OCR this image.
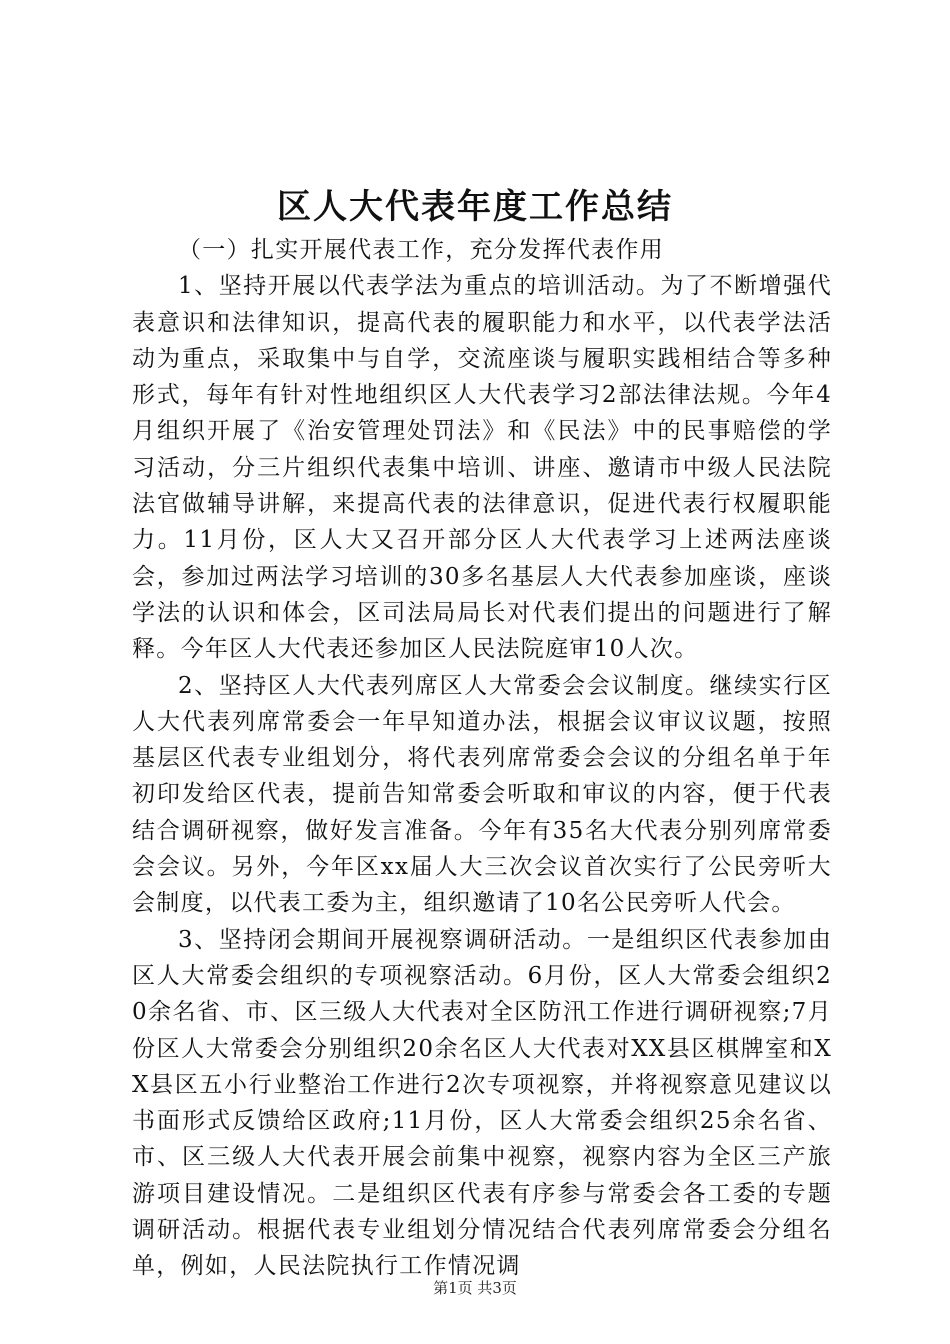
区人大代表年度工作总结

（一）扎实开展代表工作，充分发挥代表作用

1、坚持开展以代表学法为重点的培训活动。为了不断增强代表意识和法律知识，提高代表的履职能力和水平，以代表学法活动为重点，采取集中与自学，交流座谈与履职实践相结合等多种形式，每年有针对性地组织区人大代表学习2部法律法规。今年4月组织开展了《治安管理处罚法》和《民法》中的民事赔偿的学习活动，分三片组织代表集中培训、讲座、邀请市中级人民法院法官做辅导讲解，来提高代表的法律意识，促进代表行权履职能力。11月份，区人大又召开部分区人大代表学习上述两法座谈会，参加过两法学习培训的30多名基层人大代表参加座谈，座谈学法的认识和体会，区司法局局长对代表们提出的问题进行了解释。今年区人大代表还参加区人民法院庭审10人次。

2、坚持区人大代表列席区人大常委会会议制度。继续实行区人大代表列席常委会一年早知道办法，根据会议审议议题，按照基层区代表专业组划分，将代表列席常委会会议的分组名单于年初印发给区代表，提前告知常委会听取和审议的内容，便于代表结合调研视察，做好发言准备。今年有35名大代表分别列席常委会会议。另外，今年区xx届人大三次会议首次实行了公民旁听大会制度，以代表工委为主，组织邀请了10名公民旁听人代会。

3、坚持闭会期间开展视察调研活动。一是组织区代表参加由区人大常委会组织的专项视察活动。6月份，区人大常委会组织20余名省、市、区三级人大代表对全区防汛工作进行调研视察;7月份区人大常委会分别组织20余名区人大代表对XX县区棋牌室和XX县区五小行业整治工作进行2次专项视察，并将视察意见建议以书面形式反馈给区政府;11月份，区人大常委会组织25余名省、市、区三级人大代表开展会前集中视察，视察内容为全区三产旅游项目建设情况。二是组织区代表有序参与常委会各工委的专题调研活动。根据代表专业组划分情况结合代表列席常委会分组名单，例如，人民法院执行工作情况调

第1页 共3页
